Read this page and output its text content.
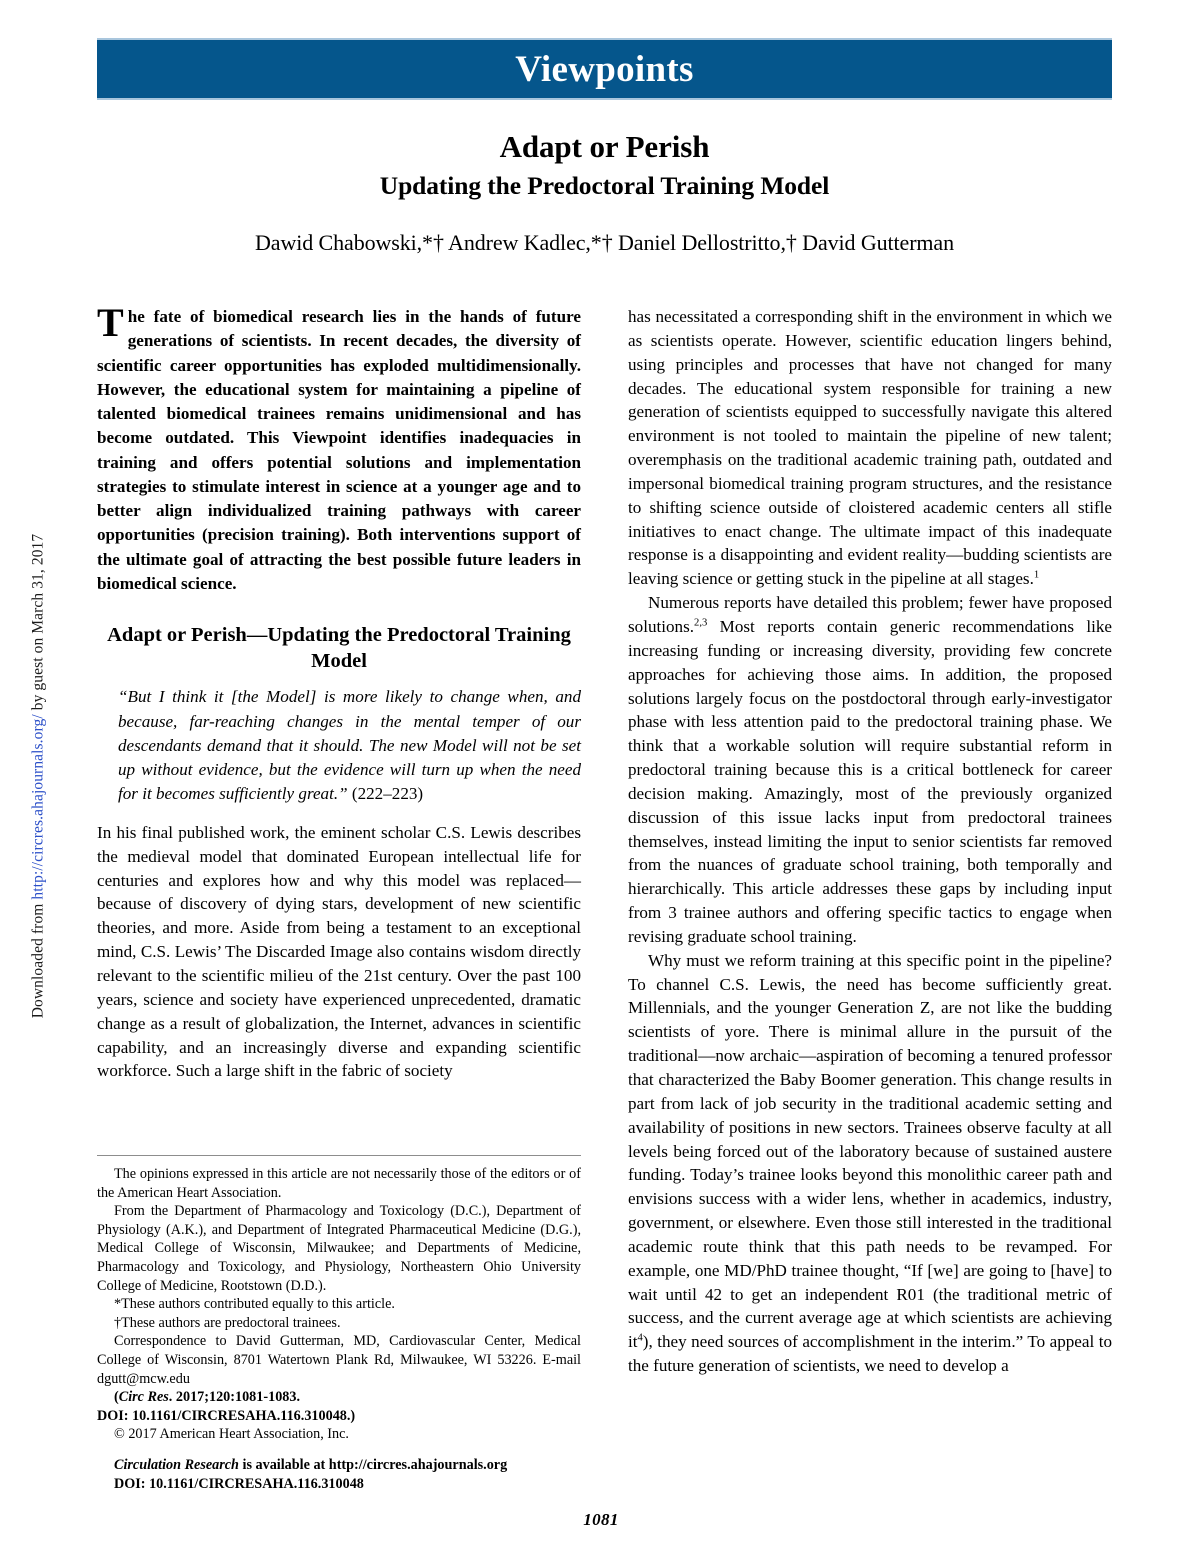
Downloaded from http://circres.ahajournals.org/ by guest on March 31, 2017
Viewpoints
Adapt or Perish
Updating the Predoctoral Training Model
Dawid Chabowski,*† Andrew Kadlec,*† Daniel Dellostritto,† David Gutterman

The fate of biomedical research lies in the hands of future generations of scientists. In recent decades, the diversity of scientific career opportunities has exploded multidimensionally. However, the educational system for maintaining a pipeline of talented biomedical trainees remains unidimensional and has become outdated. This Viewpoint identifies inadequacies in training and offers potential solutions and implementation strategies to stimulate interest in science at a younger age and to better align individualized training pathways with career opportunities (precision training). Both interventions support of the ultimate goal of attracting the best possible future leaders in biomedical science.

Adapt or Perish—Updating the Predoctoral Training Model

“But I think it [the Model] is more likely to change when, and because, far-reaching changes in the mental temper of our descendants demand that it should. The new Model will not be set up without evidence, but the evidence will turn up when the need for it becomes sufficiently great.” (222–223)

In his final published work, the eminent scholar C.S. Lewis describes the medieval model that dominated European intellectual life for centuries and explores how and why this model was replaced—because of discovery of dying stars, development of new scientific theories, and more. Aside from being a testament to an exceptional mind, C.S. Lewis’ The Discarded Image also contains wisdom directly relevant to the scientific milieu of the 21st century. Over the past 100 years, science and society have experienced unprecedented, dramatic change as a result of globalization, the Internet, advances in scientific capability, and an increasingly diverse and expanding scientific workforce. Such a large shift in the fabric of society

has necessitated a corresponding shift in the environment in which we as scientists operate. However, scientific education lingers behind, using principles and processes that have not changed for many decades. The educational system responsible for training a new generation of scientists equipped to successfully navigate this altered environment is not tooled to maintain the pipeline of new talent; overemphasis on the traditional academic training path, outdated and impersonal biomedical training program structures, and the resistance to shifting science outside of cloistered academic centers all stifle initiatives to enact change. The ultimate impact of this inadequate response is a disappointing and evident reality—budding scientists are leaving science or getting stuck in the pipeline at all stages.$^1$

Numerous reports have detailed this problem; fewer have proposed solutions.$^{2,3}$ Most reports contain generic recommendations like increasing funding or increasing diversity, providing few concrete approaches for achieving those aims. In addition, the proposed solutions largely focus on the postdoctoral through early-investigator phase with less attention paid to the predoctoral training phase. We think that a workable solution will require substantial reform in predoctoral training because this is a critical bottleneck for career decision making. Amazingly, most of the previously organized discussion of this issue lacks input from predoctoral trainees themselves, instead limiting the input to senior scientists far removed from the nuances of graduate school training, both temporally and hierarchically. This article addresses these gaps by including input from 3 trainee authors and offering specific tactics to engage when revising graduate school training.

Why must we reform training at this specific point in the pipeline? To channel C.S. Lewis, the need has become sufficiently great. Millennials, and the younger Generation Z, are not like the budding scientists of yore. There is minimal allure in the pursuit of the traditional—now archaic—aspiration of becoming a tenured professor that characterized the Baby Boomer generation. This change results in part from lack of job security in the traditional academic setting and availability of positions in new sectors. Trainees observe faculty at all levels being forced out of the laboratory because of sustained austere funding. Today’s trainee looks beyond this monolithic career path and envisions success with a wider lens, whether in academics, industry, government, or elsewhere. Even those still interested in the traditional academic route think that this path needs to be revamped. For example, one MD/PhD trainee thought, “If [we] are going to [have] to wait until 42 to get an independent R01 (the traditional metric of success, and the current average age at which scientists are achieving $it^4$), they need sources of accomplishment in the interim.” To appeal to the future generation of scientists, we need to develop a

The opinions expressed in this article are not necessarily those of the editors or of the American Heart Association.

From the Department of Pharmacology and Toxicology (D.C.), Department of Physiology (A.K.), and Department of Integrated Pharmaceutical Medicine (D.G.), Medical College of Wisconsin, Milwaukee; and Departments of Medicine, Pharmacology and Toxicology, and Physiology, Northeastern Ohio University College of Medicine, Rootstown (D.D.).

*These authors contributed equally to this article.

†These authors are predoctoral trainees.

Correspondence to David Gutterman, MD, Cardiovascular Center, Medical College of Wisconsin, 8701 Watertown Plank Rd, Milwaukee, WI 53226. E-mail dgutt@mcw.edu

(Circ Res. 2017;120:1081-1083.

DOI: 10.1161/CIRCRESAHA.116.310048.)

© 2017 American Heart Association, Inc.

Circulation Research is available at http://circres.ahajournals.org

DOI: 10.1161/CIRCRESAHA.116.310048

1081
